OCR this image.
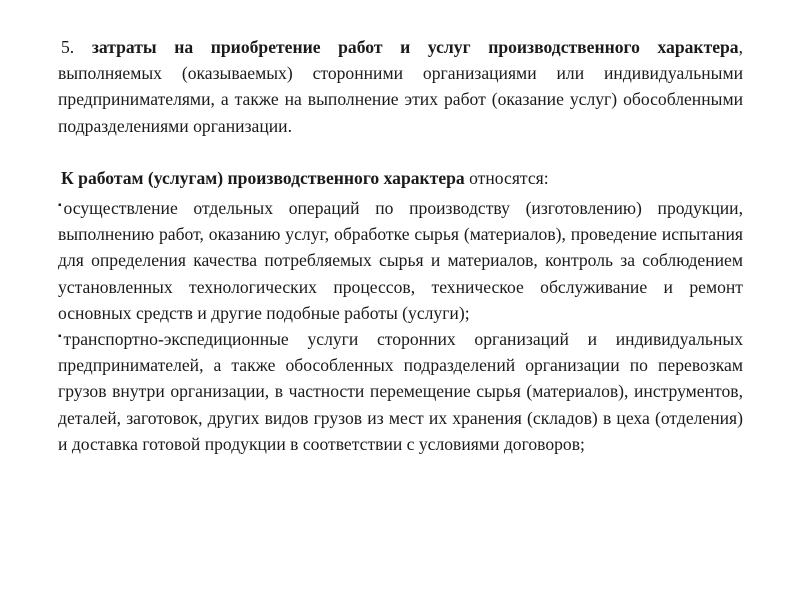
5. затраты на приобретение работ и услуг производственного характера, выполняемых (оказываемых) сторонними организациями или индивидуальными предпринимателями, а также на выполнение этих работ (оказание услуг) обособленными подразделениями организации.

К работам (услугам) производственного характера относятся:

▪ осуществление отдельных операций по производству (изготовлению) продукции, выполнению работ, оказанию услуг, обработке сырья (материалов), проведение испытания для определения качества потребляемых сырья и материалов, контроль за соблюдением установленных технологических процессов, техническое обслуживание и ремонт основных средств и другие подобные работы (услуги);

▪ транспортно-экспедиционные услуги сторонних организаций и индивидуальных предпринимателей, а также обособленных подразделений организации по перевозкам грузов внутри организации, в частности перемещение сырья (материалов), инструментов, деталей, заготовок, других видов грузов из мест их хранения (складов) в цеха (отделения) и доставка готовой продукции в соответствии с условиями договоров;
